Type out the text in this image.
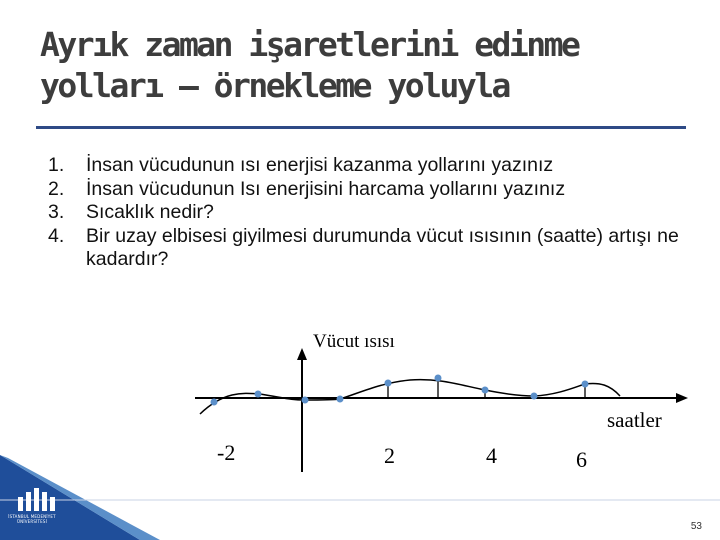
Ayrık zaman işaretlerini edinme
yolları – örnekleme yoluyla
1.	İnsan vücudunun ısı enerjisi kazanma yollarını yazınız
2.	İnsan vücudunun Isı enerjisini harcama yollarını yazınız
3.	Sıcaklık nedir?
4.	Bir uzay elbisesi giyilmesi durumunda vücut ısısının (saatte) artışı ne kadardır?
Vücut ısısı
saatler
-2	2	4	6
İSTANBUL MEDENİYET ÜNİVERSİTESİ	53
